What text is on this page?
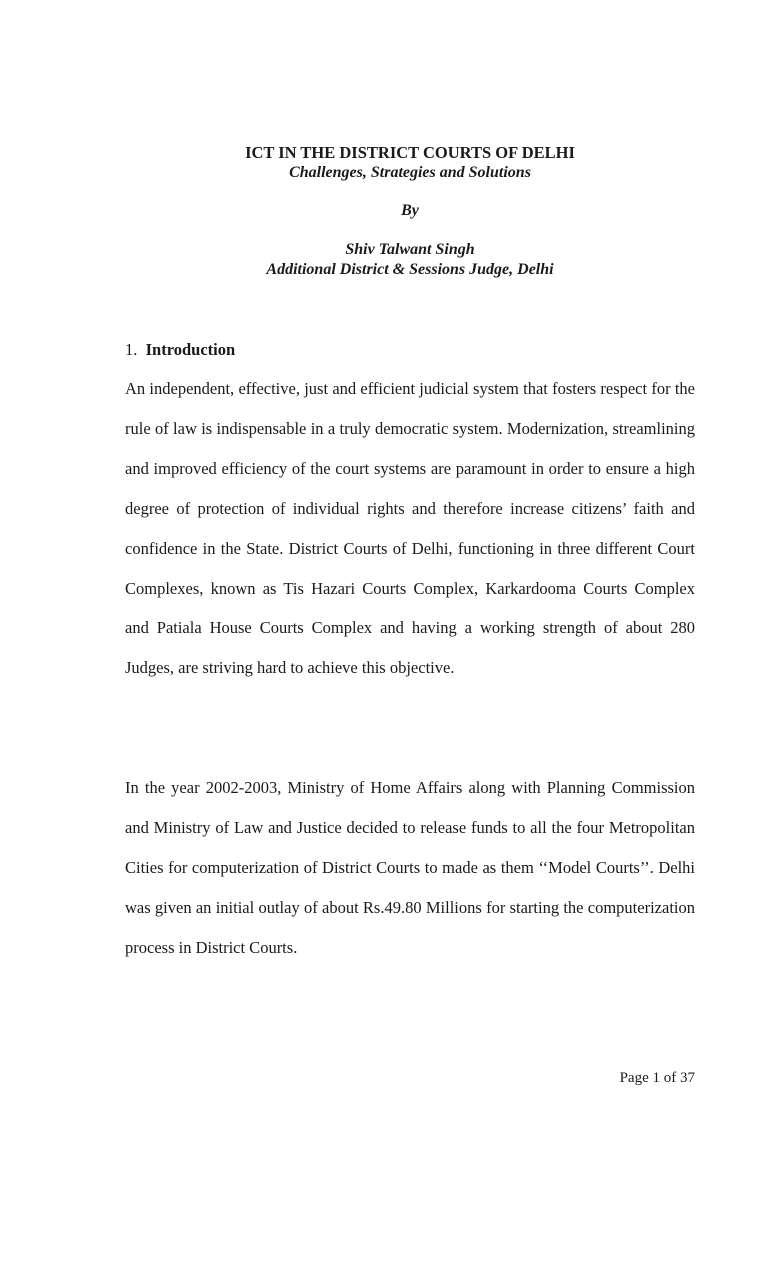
ICT IN THE DISTRICT COURTS OF DELHI
Challenges, Strategies and Solutions
By
Shiv Talwant Singh
Additional District & Sessions Judge, Delhi
1. Introduction

An independent, effective, just and efficient judicial system that fosters respect for the rule of law is indispensable in a truly democratic system. Modernization, streamlining and improved efficiency of the court systems are paramount in order to ensure a high degree of protection of individual rights and therefore increase citizens’ faith and confidence in the State. District Courts of Delhi, functioning in three different Court Complexes, known as Tis Hazari Courts Complex, Karkardooma Courts Complex and Patiala House Courts Complex and having a working strength of about 280 Judges, are striving hard to achieve this objective.

In the year 2002-2003, Ministry of Home Affairs along with Planning Commission and Ministry of Law and Justice decided to release funds to all the four Metropolitan Cities for computerization of District Courts to made as them ‘‘Model Courts’’. Delhi was given an initial outlay of about Rs.49.80 Millions for starting the computerization process in District Courts.

Page 1 of 37
